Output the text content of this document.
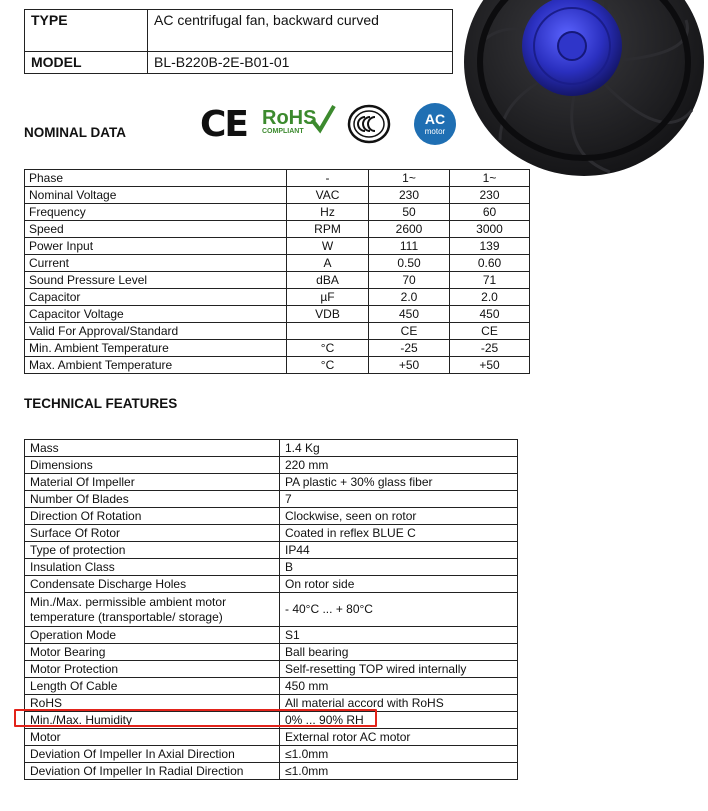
TYPE	AC centrifugal fan, backward curved
MODEL	BL-B220B-2E-B01-01
NOMINAL DATA CE RoHS
COMPLIANT
AC
motor
Phase	-	1~	1~
Nominal Voltage	VAC	230	230
Frequency	Hz	50	60
Speed	RPM	2600	3000
Power Input	W	111	139
Current	A	0.50	0.60
Sound Pressure Level	dBA	70	71
Capacitor	µF	2.0	2.0
Capacitor Voltage	VDB	450	450
Valid For Approval/Standard		CE	CE
Min. Ambient Temperature	°C	-25	-25
Max. Ambient Temperature	°C	+50	+50
TECHNICAL FEATURES
Mass	1.4 Kg
Dimensions	220 mm
Material Of Impeller	PA plastic + 30% glass fiber
Number Of Blades	7
Direction Of Rotation	Clockwise, seen on rotor
Surface Of Rotor	Coated in reflex BLUE C
Type of protection	IP44
Insulation Class	B
Condensate Discharge Holes	On rotor side
Min./Max. permissible ambient motor temperature (transportable/ storage)	- 40°C ... + 80°C
Operation Mode	S1
Motor Bearing	Ball bearing
Motor Protection	Self-resetting TOP wired internally
Length Of Cable	450 mm
RoHS	All material accord with RoHS
Min./Max. Humidity	0% ... 90% RH
Motor	External rotor AC motor
Deviation Of Impeller In Axial Direction	≤1.0mm
Deviation Of Impeller In Radial Direction	≤1.0mm
